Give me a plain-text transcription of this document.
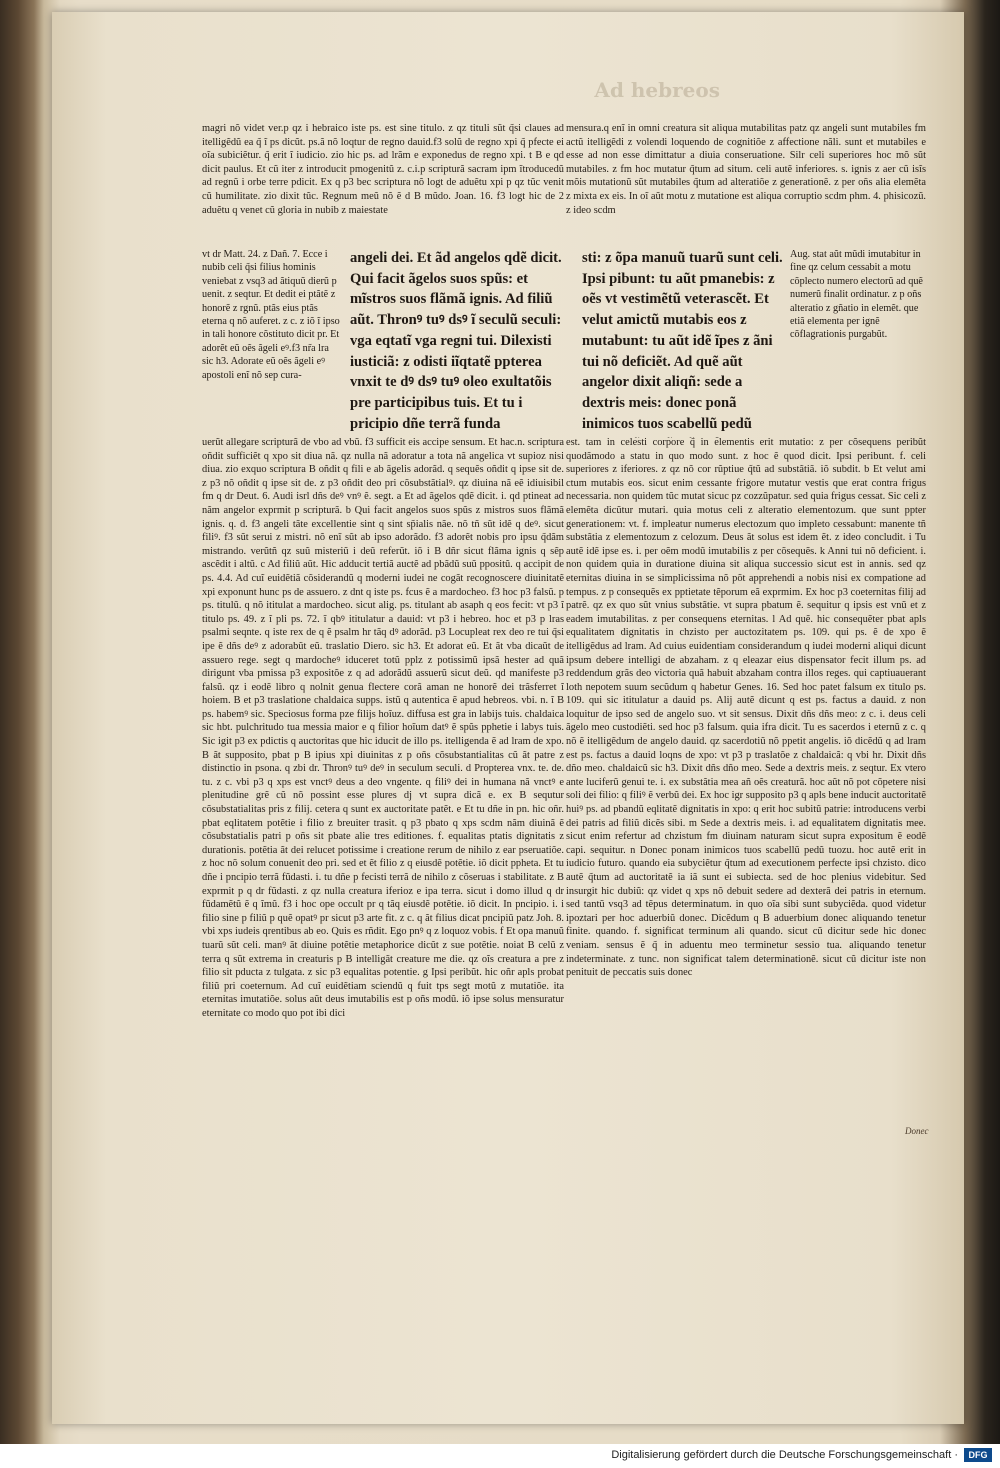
Ad hebreos

magri nõ videt ver.p qz i hebraico iste ps. est sine titulo. z qz tituli sũt q̃si claues ad itelligẽdũ ea q̃ ĩ ps dicũt. ps.ã nõ loqtur de regno dauid.f3 solũ de regno xpi q̃ pfecte ei oĩa subiciẽtur. q̃ erit ĩ iudicio. zio hic ps. ad lrãm e exponedus de regno xpi. t B e qd dicit paulus. Et cũ iter z introducit pmogenitũ z. c.i.p scripturã sacram ipm ĩtroducedũ ad regnũ i orbe terre pdicit. Ex q p3 bec scriptura nõ logt de aduẽtu xpi p qz tũc venit cũ humilitate. zio dixit tũc. Regnum meũ nõ ẽ d B mũdo. Joan. 16. f3 logt hic de 2 aduẽtu q venet cũ gloria in nubib z maiestate

mensura.q enĩ in omni creatura sit aliqua mutabilitas patz qz angeli sunt mutabiles fm actũ itelligẽdi z volendi loquendo de cognitiõe z affectione nãli. sunt et mutabiles e esse ad non esse dimittatur a diuia conseruatione. Silr celi superiores hoc mõ sũt mutabiles. z fm hoc mutatur q̃tum ad situm. celi autẽ inferiores. s. ignis z aer cũ isĩs mõis mutationũ sũt mutabiles q̃tum ad alteratiõe z generationẽ. z per oñs alia elemẽta z mixta ex eis. In oĩ aũt motu z mutatione est aliqua corruptio scdm phm. 4. phisicozũ. z ideo scdm

vt dr Matt. 24. z Dañ. 7. Ecce i nubib celi q̃si filius hominis veniebat z vsq3 ad ãtiquũ dierũ p uenit. z seqtur. Et dedit ei ptãtẽ z honorẽ z rgnũ. ptãs eius ptãs eterna q nõ auferet. z c. z iõ ĩ ipso in tali honore cõstituto dicit pr. Et adorẽt eũ oẽs ãgeli eꝰ.f3 nr̃a lra sic h3. Adorate eũ oẽs ãgeli eꝰ apostoli enĩ nõ sep cura-
angeli dei. Et ãd angelos qdẽ dicit. Qui facit ãgelos suos spũs: et mĩstros suos flãmã ignis. Ad filiũ aũt. Thronꝰ tuꝰ dsꝰ ĩ seculũ seculi: vga eqtatĩ vga regni tui. Dilexisti iusticiã: z odisti iĩqtatẽ ppterea vnxit te dꝰ dsꝰ tuꝰ oleo exultatõis pre participibus tuis. Et tu i pricipio dñe terrã funda
sti: z õpa manuũ tuarũ sunt celi. Ipsi pibunt: tu aũt pmanebis: z oẽs vt vestimẽtũ veterascẽt. Et velut amictũ mutabis eos z mutabunt: tu aũt idẽ ĩpes z ãni tui nõ deficiẽt. Ad quẽ aũt angelor dixit aliqñ: sede a dextris meis: donec ponã inimicos tuos scabellũ pedũ
Aug. stat aũt mũdi imutabitur in fine qz celum cessabit a motu cõplecto numero electorũ ad quẽ numerũ finalit ordinatur. z p oñs alteratio z gñatio in elemẽt. que etiã elementa per ignẽ cõflagrationis purgabũt.

uerũt allegare scripturã de vbo ad vbũ. f3 sufficit eis accipe sensum. Et hac.n. scriptura oñdit sufficiẽt q xpo sit diua nã. qz nulla nã adoratur a tota nã angelica vt supioz nisi diua. zio exquo scriptura B oñdit q fili e ab ãgelis adorãd. q sequẽs oñdit q ipse sit de. z p3 nõ oñdit q ipse sit de. z p3 oñdit deo pri cõsubstãtialꝰ. qz diuina nã eẽ idiuisibil fm q dr Deut. 6. Audi isrl dñs deꝰ vnꝰ ẽ. segt. a Et ad ãgelos qdẽ dicit. i. qd ptineat ad nãm angelor exprmit p scripturã. b Qui facit angelos suos spũs z mistros suos flãmã ignis. q. d. f3 angeli tãte excellentie sint q sint sp̃ialis nãe. nõ tñ sũt idẽ q deꝰ. sicut filiꝰ. f3 sũt serui z mistri. nõ enĩ sũt ab ipso adorãdo. f3 adorẽt nobis pro ipsu q̃dãm mistrando. verũtñ qz suũ misteriũ i deũ referũt. iõ i B dñr sicut flãma ignis q sẽp ascẽdit i altũ. c Ad filiũ aũt. Hic adducit tertiã auctẽ ad pbãdũ suũ ppositũ. q accipit de ps. 4.4. Ad cuĩ euidẽtiã cõsiderandũ q moderni iudei ne cogãt recognoscere diuinitatẽ xpi exponunt hunc ps de assuero. z dnt q iste ps. fcus ẽ a mardocheo. f3 hoc p3 falsũ. p ps. titulũ. q nõ ititulat a mardocheo. sicut alig. ps. titulant ab asaph q eos fecit: vt p3 ĩ titulo ps. 49. z ĩ pli ps. 72. ĩ qbꝰ ititulatur a dauid: vt p3 i hebreo. hoc et p3 p lras psalmi seqnte. q iste rex de q ẽ psalm hr tãq dꝰ adorãd. p3 Locupleat rex deo re tui q̃si ipe ẽ dñs deꝰ z adorabũt eũ. traslatio Diero. sic h3. Et adorat eũ. Et ãt vba dicaũt de assuero rege. segt q mardocheꝰ iduceret totũ pplz z potissimũ ipsã hester ad quã dirigunt vba pmissa p3 expositõe z q ad adorãdũ assuerũ sicut deũ. qd manifeste p3 falsũ. qz i eodẽ libro q nolnit genua flectere corã aman ne honorẽ dei trãsferret ĩ hoiem. B et p3 traslatione chaldaica supps. istũ q autentica ẽ apud hebreos. vbi. n. ĩ B ps. habemꝰ sic. Speciosus forma pze filijs hoĩuz. diffusa est gra in labijs tuis. chaldaica sic hbt. pulchritudo tua messia maior e q filior hoĩum datꝰ ẽ spũs pphetie i labys tuis. Sic igit p3 ex pdictis q auctoritas que hic iducit de illo ps. itelligenda ẽ ad lram de xpo. B ãt supposito, pbat p B ipius xpi diuinitas z p oñs cõsubstantialitas cũ ãt patre z distinctio in psona. q zbi dr. Thronꝰ tuꝰ deꝰ in seculum seculi. d Propterea vnx. te. de. tu. z c. vbi p3 q xps est vnctꝰ deus a deo vngente. q filiꝰ dei in humana nã vnctꝰ e plenitudine grẽ cũ nõ possint esse plures dj vt supra dicã e. ex B sequtur cõsubstatialitas pris z filij. cetera q sunt ex auctoritate patẽt. e Et tu dñe in pn. hic oñr. pbat eqlitatem potẽtie i filio z breuiter trasit. q p3 pbato q xps scdm nãm diuinã ẽ cõsubstatialis patri p oñs sit pbate alie tres editiones. f. equalitas ptatis dignitatis z durationis. potẽtia ãt dei relucet potissime i creatione rerum de nihilo z ear pseruatiõe. z hoc nõ solum conuenit deo pri. sed et ẽt filio z q eiusdẽ potẽtie. iõ dicit ppheta. Et tu dñe i pncipio terrã fũdasti. i. tu dñe p fecisti terrã de nihilo z cõseruas i stabilitate. z B exprmit p q dr fũdasti. z qz nulla creatura iferioz e ipa terra. sicut i domo illud q dr fũdamẽtũ ẽ q ĩmũ. f3 i hoc ope occult pr q tãq eiusdẽ potẽtie. iõ dicit. In pncipio. i. i filio sine p filiũ p quẽ opatꝰ pr sicut p3 arte fit. z c. q ãt filius dicat pncipiũ patz Joh. 8. vbi xps iudeis qrentibus ab eo. Quis es rñdit. Ego pnꝰ q z loquoz vobis. f Et opa manuũ tuarũ sũt celi. manꝰ ãt diuine potẽtie metaphorice dicũt z sue potẽtie. noiat B celũ z terra q sũt extrema in creaturis p B intelligãt creature me die. qz oĩs creatura a pre z filio sit pducta z tulgata. z sic p3 equalitas potentie. g Ipsi peribũt. hic oñr apls probat filiũ pri coeternum. Ad cuĩ euidẽtiam sciendũ q fuit tps segt motũ z mutatiõe. ita eternitas imutatiõe. solus aũt deus imutabilis est p oñs modũ. iõ ipse solus mensuratur eternitate co modo quo pot ibi dici

est. tam in celesti corpore q̃ in elementis erit mutatio: z per cõsequens peribũt quodãmodo a statu in quo modo sunt. z hoc ẽ quod dicit. Ipsi peribunt. f. celi superiores z iferiores. z qz nõ cor rũptiue q̃tũ ad substãtiã. iõ subdit. b Et velut ami ctum mutabis eos. sicut enim cessante frigore mutatur vestis que erat contra frigus necessaria. non quidem tũc mutat sicuc pz cozzũpatur. sed quia frigus cessat. Sic celi z elemẽta dicũtur mutari. quia motus celi z alteratio elementozum. que sunt ppter generationem: vt. f. impleatur numerus electozum quo impleto cessabunt: manente tñ substãtia z elementozum z celozum. Deus ãt solus est idem ẽt. z ideo concludit. i Tu autẽ idẽ ipse es. i. per oẽm modũ imutabilis z per cõsequẽs. k Anni tui nõ deficient. i. non quidem quia in duratione diuina sit aliqua successio sicut est in annis. sed qz eternitas diuina in se simplicissima nõ põt apprehendi a nobis nisi ex compatione ad tempus. z p consequẽs ex pptietate tẽporum eã exprmim. Ex hoc p3 coeternitas filij ad patrẽ. qz ex quo sũt vnius substãtie. vt supra pbatum ẽ. sequitur q ipsis est vnũ et z eadem imutabilitas. z per consequens eternitas. l Ad quẽ. hic consequẽter pbat apls equalitatem dignitatis in chzisto per auctozitatem ps. 109. qui ps. ẽ de xpo ẽ itelligẽdus ad lram. Ad cuius euidentiam considerandum q iudei moderni aliqui dicunt ipsum debere intelligi de abzaham. z q eleazar eius dispensator fecit illum ps. ad reddendum grãs deo victoria quã habuit abzaham contra illos reges. qui captiuauerant loth nepotem suum secũdum q habetur Genes. 16. Sed hoc patet falsum ex titulo ps. 109. qui sic ititulatur a dauid ps. Alij autẽ dicunt q est ps. factus a dauid. z non loquitur de ipso sed de angelo suo. vt sit sensus. Dixit dñs dñs meo: z c. i. deus celi ãgelo meo custodiẽti. sed hoc p3 falsum. quia ifra dicit. Tu es sacerdos i eternũ z c. q nõ ẽ itelligẽdum de angelo dauid. qz sacerdotiũ nõ ppetit angelis. iõ dicẽdũ q ad lram est ps. factus a dauid loqns de xpo: vt p3 p traslatõe z chaldaicã: q vbi hr. Dixit dñs dño meo. chaldaicũ sic h3. Dixit dñs dño meo. Sede a dextris meis. z seqtur. Ex vtero ante luciferũ genui te. i. ex substãtia mea añ oẽs creaturã. hoc aũt nõ pot cõpetere nisi soli dei filio: q filiꝰ ẽ verbũ dei. Ex hoc igr supposito p3 q apls bene inducit auctoritatẽ huiꝰ ps. ad pbandũ eqlitatẽ dignitatis in xpo: q erit hoc subitũ patrie: introducens verbi dei patris ad filiũ dicẽs sibi. m Sede a dextris meis. i. ad equalitatem dignitatis mee. sicut enim refertur ad chzistum fm diuinam naturam sicut supra expositum ẽ eodẽ capi. sequitur. n Donec ponam inimicos tuos scabellũ pedũ tuozu. hoc autẽ erit in iudicio futuro. quando eia subyciẽtur q̃tum ad executionem perfecte ipsi chzisto. dico autẽ q̃tum ad auctoritatẽ ia iã sunt ei subiecta. sed de hoc plenius videbitur. Sed insurgit hic dubiũ: qz videt q xps nõ debuit sedere ad dexterã dei patris in eternum. sed tantũ vsq3 ad tẽpus determinatum. in quo oĩa sibi sunt subyciẽda. quod videtur ipoztari per hoc aduerbiũ donec. Dicẽdum q B aduerbium donec aliquando tenetur finite. quando. f. significat terminum ali quando. sicut cũ dicitur sede hic donec veniam. sensus ẽ q̃ in aduentu meo terminetur sessio tua. aliquando tenetur indeterminate. z tunc. non significat talem determinationẽ. sicut cũ dicitur iste non penituit de peccatis suis donec

Donec
Digitalisierung gefördert durch die Deutsche Forschungsgemeinschaft ·	DFG
